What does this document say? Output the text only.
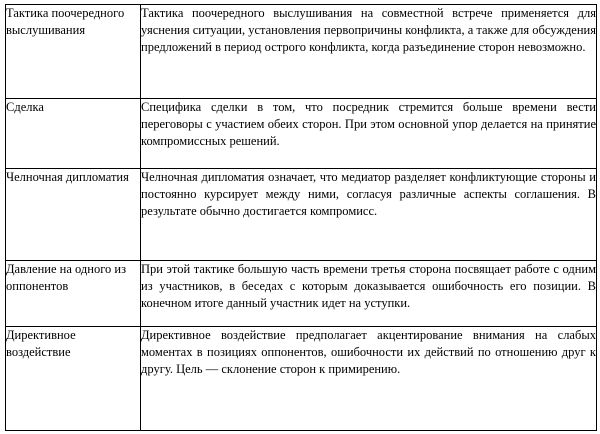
Тактика поочередного выслушивания	Тактика поочередного выслушивания на совместной встрече применяется для уяснения ситуации, установления первопричины конфликта, а также для обсуждения предложений в период острого конфликта, когда разъединение сторон невозможно.
Сделка	Специфика сделки в том, что посредник стремится больше времени вести переговоры с участием обеих сторон. При этом основной упор делается на принятие компромиссных решений.
Челночная дипломатия	Челночная дипломатия означает, что медиатор разделяет конфликтующие стороны и постоянно курсирует между ними, согласуя различные аспекты соглашения. В результате обычно достигается компромисс.
Давление на одного из оппонентов	При этой тактике большую часть времени третья сторона посвящает работе с одним из участников, в беседах с которым доказывается ошибочность его позиции. В конечном итоге данный участник идет на уступки.
Директивное воздействие	Директивное воздействие предполагает акцентирование внимания на слабых моментах в позициях оппонентов, ошибочности их действий по отношению друг к другу. Цель — склонение сторон к примирению.
